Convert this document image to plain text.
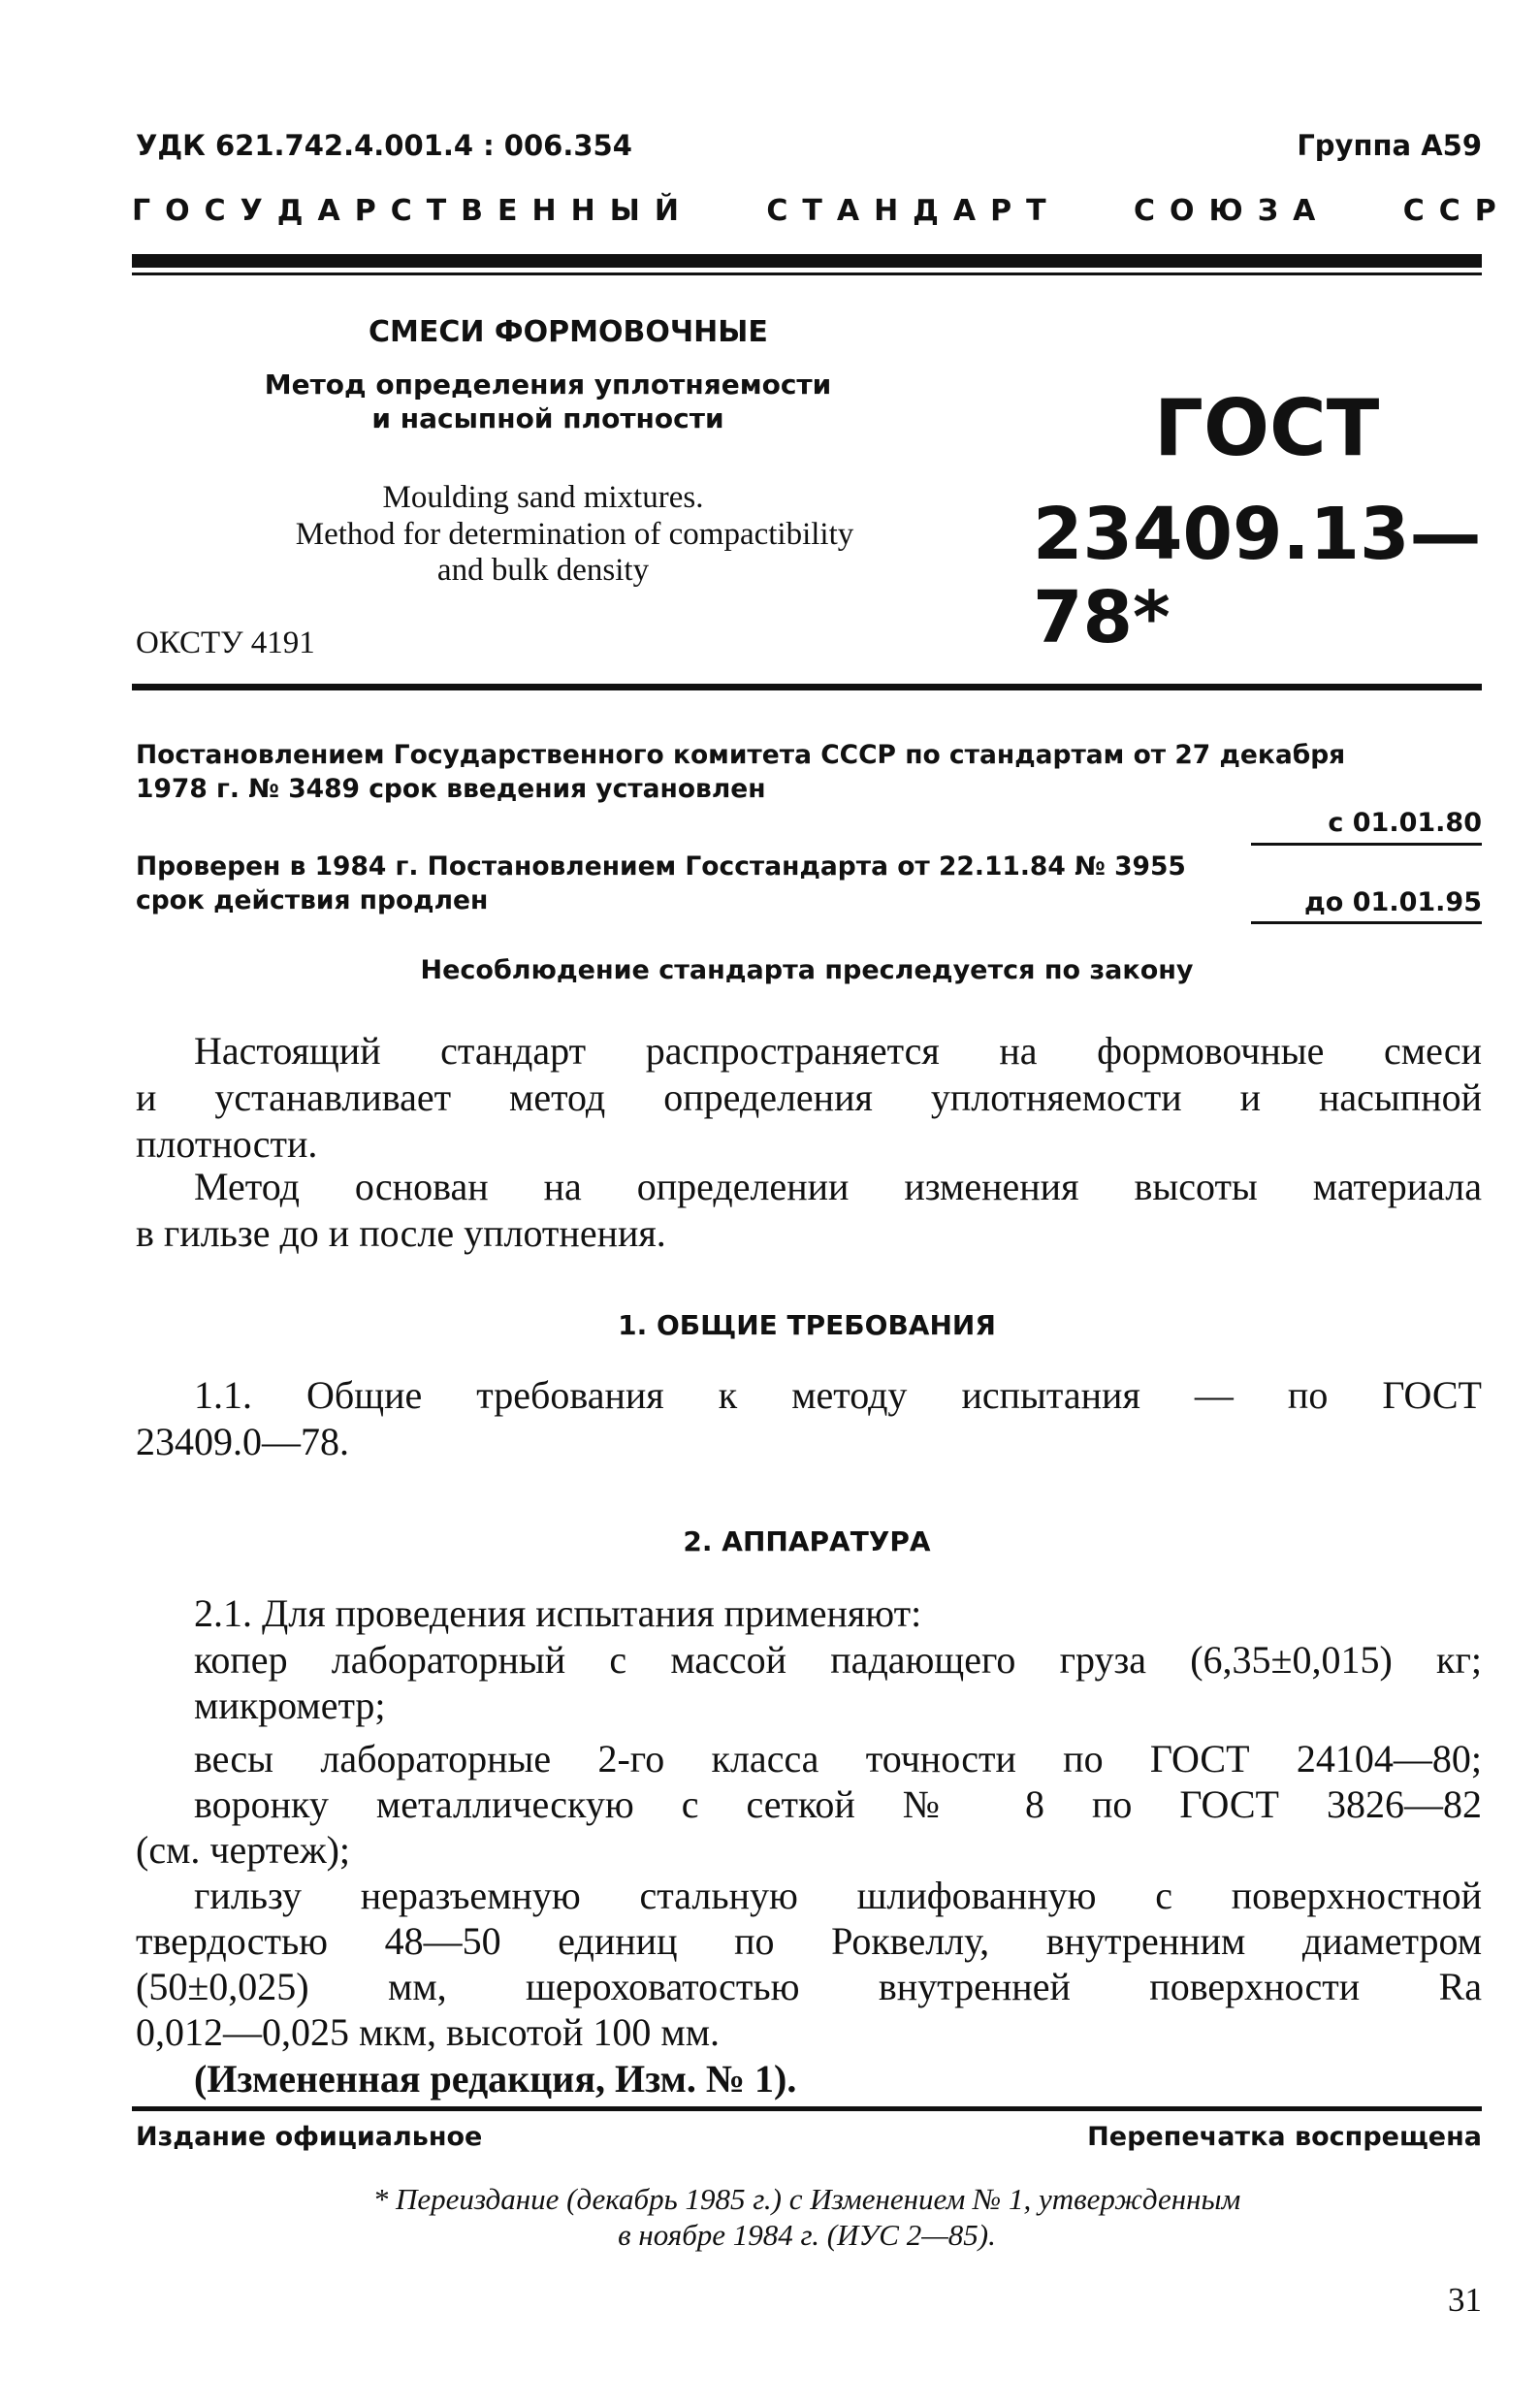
УДК 621.742.4.001.4 : 006.354	Группа А59
ГОСУДАРСТВЕННЫЙ СТАНДАРТ СОЮЗА ССР
СМЕСИ ФОРМОВОЧНЫЕ
Метод определения уплотняемости
и насыпной плотности
Moulding sand mixtures.
Method for determination of compactibility
and bulk density
ГОСТ
23409.13—78*
ОКСТУ 4191
Постановлением Государственного комитета СССР по стандартам от 27 декабря
1978 г. № 3489 срок введения установлен
с 01.01.80
Проверен в 1984 г. Постановлением Госстандарта от 22.11.84 № 3955
срок действия продлен	до 01.01.95
Несоблюдение стандарта преследуется по закону
Настоящий стандарт распространяется на формовочные смеси
и устанавливает метод определения уплотняемости и насыпной
плотности.
Метод основан на определении изменения высоты материала
в гильзе до и после уплотнения.
1. ОБЩИЕ ТРЕБОВАНИЯ
1.1. Общие требования к методу испытания — по ГОСТ
23409.0—78.
2. АППАРАТУРА
2.1. Для проведения испытания применяют:
копер лабораторный с массой падающего груза (6,35±0,015) кг;
микрометр;
весы лабораторные 2-го класса точности по ГОСТ 24104—80;
воронку металлическую с сеткой № 8 по ГОСТ 3826—82
(см. чертеж);
гильзу неразъемную стальную шлифованную с поверхностной
твердостью 48—50 единиц по Роквеллу, внутренним диаметром
(50±0,025) мм, шероховатостью внутренней поверхности Ra
0,012—0,025 мкм, высотой 100 мм.
(Измененная редакция, Изм. № 1).
Издание официальное	Перепечатка воспрещена
* Переиздание (декабрь 1985 г.) с Изменением № 1, утвержденным
в ноябре 1984 г. (ИУС 2—85).
31
